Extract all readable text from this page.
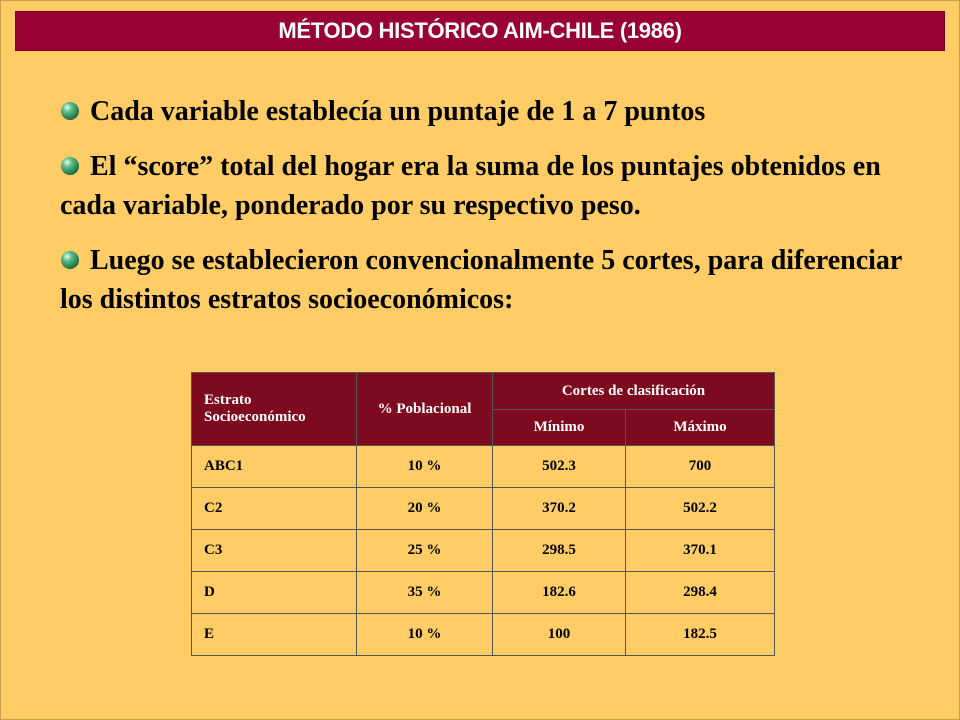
MÉTODO HISTÓRICO AIM-CHILE (1986)

Cada variable establecía un puntaje de 1 a 7 puntos

El “score” total del hogar era la suma de los puntajes obtenidos en cada variable, ponderado por su respectivo peso.

Luego se establecieron convencionalmente 5 cortes, para diferenciar los distintos estratos socioeconómicos:

Estrato Socioeconómico	% Poblacional	Cortes de clasificación	
		Mínimo	Máximo
ABC1	10 %	502.3	700
C2	20 %	370.2	502.2
C3	25 %	298.5	370.1
D	35 %	182.6	298.4
E	10 %	100	182.5
